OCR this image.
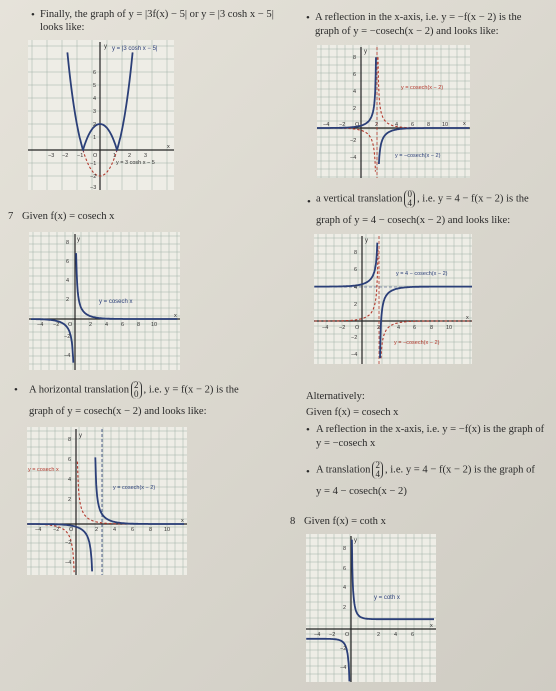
• Finally, the graph of y = |3f(x) − 5| or y = |3 cosh x − 5|
looks like:
y y = |3 cosh x − 5|
y = 3 cosh x − 5
−3 −2 −1 O	1 2 3
x
6
5
4
3
2
1
−1
−2
−3
7 Given f(x) = cosech x
y
y = cosech x
−4 −2 O	2 4 6 8 10
x
8
6
4
2
−2
−4
• A horizontal translation 2
0 , i.e. y = f(x − 2) is the
graph of y = cosech(x − 2) and looks like:
y
y = cosech x
y = cosech(x − 2)
−4 −2 O	2	4	6	8 10
x
8
6
4
2
−2
−4
• A reflection in the x-axis, i.e. y = −f(x − 2) is the
graph of y = −cosech(x − 2) and looks like:
y
y = cosech(x − 2)
y = −cosech(x − 2)
−4 −2 O	2	4 6 8 10	x
8
6
4
2
−2
−4
• a vertical translation 0
4 , i.e. y = 4 − f(x − 2) is the
graph of y = 4 − cosech(x − 2) and looks like:
y
y = 4 − cosech(x − 2)
y = −cosech(x − 2)
−4 −2 O	2	4 6	8 10
x
8
6
4
2
−2
−4
Alternatively:
Given f(x) = cosech x
• A reflection in the x-axis, i.e. y = −f(x) is the graph of
y = −cosech x
• A translation 2
4 , i.e. y = 4 − f(x − 2) is the graph of
y = 4 − cosech(x − 2)
8 Given f(x) = coth x
y
y = coth x
−4 −2 O	2	4	6
x
8
6
4
2
−2
−4
